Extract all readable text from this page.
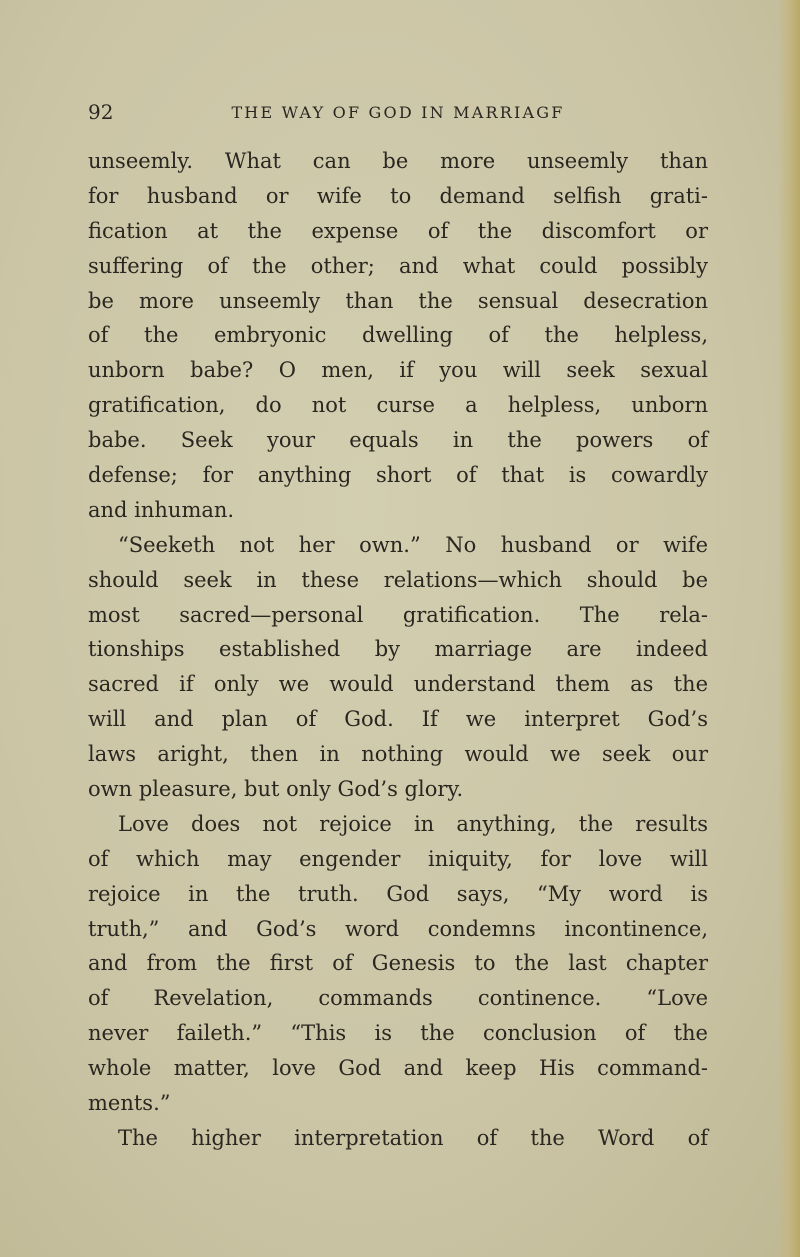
92	THE WAY OF GOD IN MARRIAGF
unseemly. What can be more unseemly than
for husband or wife to demand selfish grati-
fication at the expense of the discomfort or
suffering of the other; and what could possibly
be more unseemly than the sensual desecration
of the embryonic dwelling of the helpless,
unborn babe? O men, if you will seek sexual
gratification, do not curse a helpless, unborn
babe. Seek your equals in the powers of
defense; for anything short of that is cowardly
and inhuman.
“Seeketh not her own.” No husband or wife
should seek in these relations—which should be
most sacred—personal gratification. The rela-
tionships established by marriage are indeed
sacred if only we would understand them as the
will and plan of God. If we interpret God’s
laws aright, then in nothing would we seek our
own pleasure, but only God’s glory.
Love does not rejoice in anything, the results
of which may engender iniquity, for love will
rejoice in the truth. God says, “My word is
truth,” and God’s word condemns incontinence,
and from the first of Genesis to the last chapter
of Revelation, commands continence. “Love
never faileth.” “This is the conclusion of the
whole matter, love God and keep His command-
ments.”
The higher interpretation of the Word of
